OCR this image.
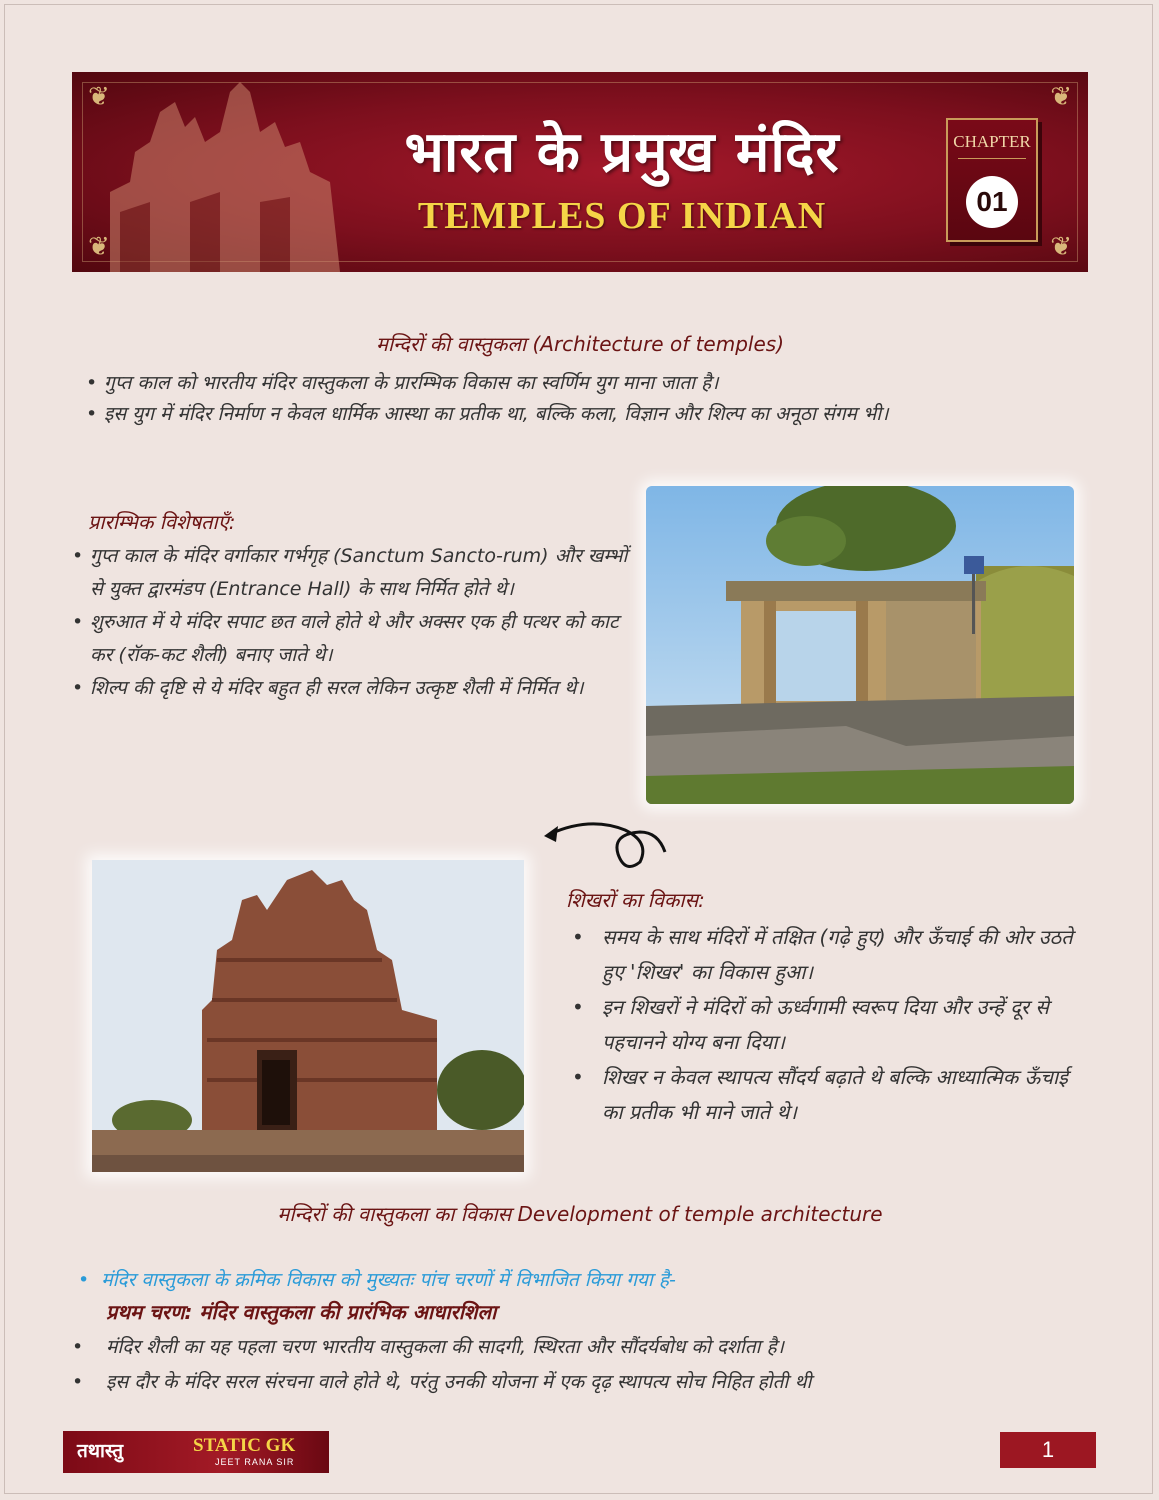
❦	❦
❦	❦
भारत के प्रमुख मंदिर
TEMPLES OF INDIAN
CHAPTER
01
मन्दिरों की वास्तुकला (Architecture of temples)
• गुप्त काल को भारतीय मंदिर वास्तुकला के प्रारम्भिक विकास का स्वर्णिम युग माना जाता है।
• इस युग में मंदिर निर्माण न केवल धार्मिक आस्था का प्रतीक था, बल्कि कला, विज्ञान और शिल्प का अनूठा संगम भी।
प्रारम्भिक विशेषताएँ:
• गुप्त काल के मंदिर वर्गाकार गर्भगृह (Sanctum Sancto-rum) और खम्भों से युक्त द्वारमंडप (Entrance Hall) के साथ निर्मित होते थे।
• शुरुआत में ये मंदिर सपाट छत वाले होते थे और अक्सर एक ही पत्थर को काट कर (रॉक-कट शैली) बनाए जाते थे।
• शिल्प की दृष्टि से ये मंदिर बहुत ही सरल लेकिन उत्कृष्ट शैली में निर्मित थे।
शिखरों का विकास:
• समय के साथ मंदिरों में तक्षित (गढ़े हुए) और ऊँचाई की ओर उठते हुए 'शिखर' का विकास हुआ।
• इन शिखरों ने मंदिरों को ऊर्ध्वगामी स्वरूप दिया और उन्हें दूर से पहचानने योग्य बना दिया।
• शिखर न केवल स्थापत्य सौंदर्य बढ़ाते थे बल्कि आध्यात्मिक ऊँचाई का प्रतीक भी माने जाते थे।
मन्दिरों की वास्तुकला का विकास Development of temple architecture
• मंदिर वास्तुकला के क्रमिक विकास को मुख्यतः पांच चरणों में विभाजित किया गया है-
प्रथम चरण: मंदिर वास्तुकला की प्रारंभिक आधारशिला
• मंदिर शैली का यह पहला चरण भारतीय वास्तुकला की सादगी, स्थिरता और सौंदर्यबोध को दर्शाता है।
• इस दौर के मंदिर सरल संरचना वाले होते थे, परंतु उनकी योजना में एक दृढ़ स्थापत्य सोच निहित होती थी
तथास्तु	STATIC GK
JEET RANA SIR	1
